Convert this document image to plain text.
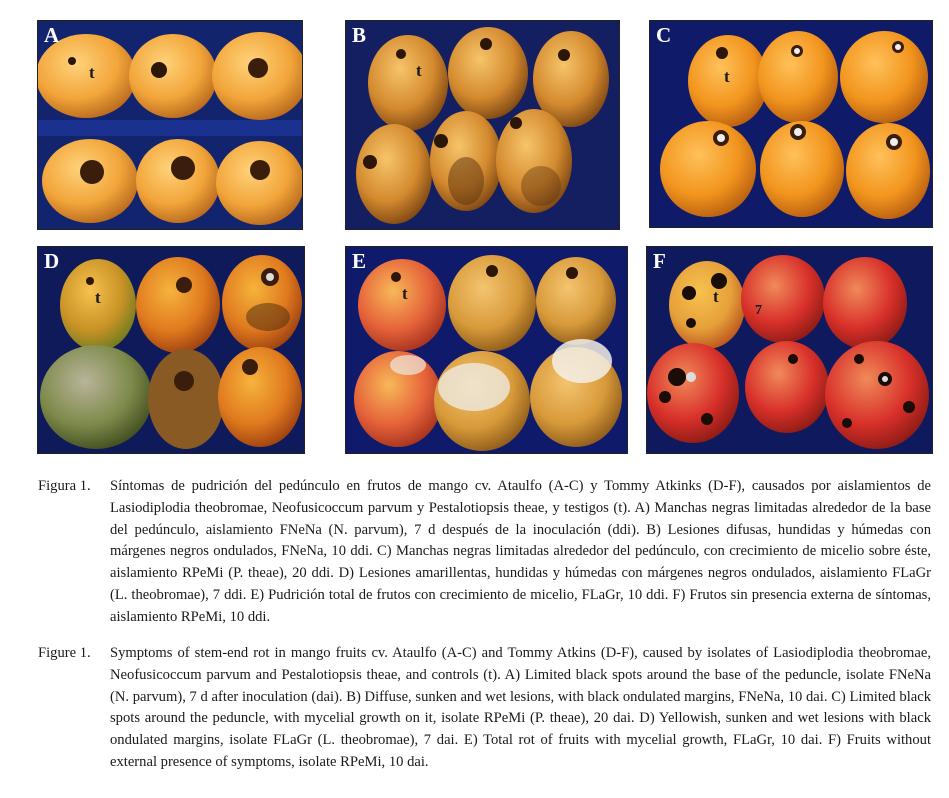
A
t
B
t
C
t
D
t
E
t
F
t
7
Figura 1. Síntomas de pudrición del pedúnculo en frutos de mango cv. Ataulfo (A-C) y Tommy Atkinks (D-F), causados por aislamientos de Lasiodiplodia theobromae, Neofusicoccum parvum y Pestalotiopsis theae, y testigos (t). A) Manchas negras limitadas alrededor de la base del pedúnculo, aislamiento FNeNa (N. parvum), 7 d después de la inoculación (ddi). B) Lesiones difusas, hundidas y húmedas con márgenes negros ondulados, FNeNa, 10 ddi. C) Manchas negras limitadas alrededor del pedúnculo, con crecimiento de micelio sobre éste, aislamiento RPeMi (P. theae), 20 ddi. D) Lesiones amarillentas, hundidas y húmedas con márgenes negros ondulados, aislamiento FLaGr (L. theobromae), 7 ddi. E) Pudrición total de frutos con crecimiento de micelio, FLaGr, 10 ddi. F) Frutos sin presencia externa de síntomas, aislamiento RPeMi, 10 ddi.
Figure 1. Symptoms of stem-end rot in mango fruits cv. Ataulfo (A-C) and Tommy Atkins (D-F), caused by isolates of Lasiodiplodia theobromae, Neofusicoccum parvum and Pestalotiopsis theae, and controls (t). A) Limited black spots around the base of the peduncle, isolate FNeNa (N. parvum), 7 d after inoculation (dai). B) Diffuse, sunken and wet lesions, with black ondulated margins, FNeNa, 10 dai. C) Limited black spots around the peduncle, with mycelial growth on it, isolate RPeMi (P. theae), 20 dai. D) Yellowish, sunken and wet lesions with black ondulated margins, isolate FLaGr (L. theobromae), 7 dai. E) Total rot of fruits with mycelial growth, FLaGr, 10 dai. F) Fruits without external presence of symptoms, isolate RPeMi, 10 dai.
